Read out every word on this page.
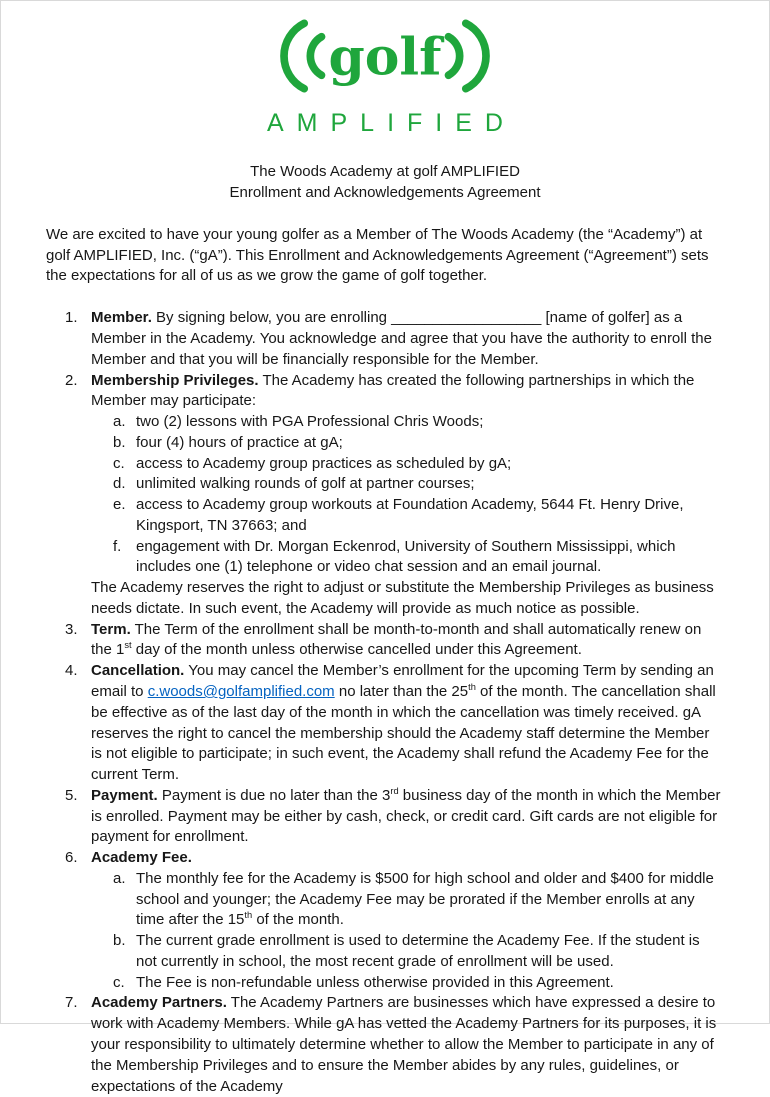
golf
AMPLIFIED
The Woods Academy at golf AMPLIFIED
Enrollment and Acknowledgements Agreement
We are excited to have your young golfer as a Member of The Woods Academy (the “Academy”) at golf AMPLIFIED, Inc. (“gA”). This Enrollment and Acknowledgements Agreement (“Agreement”) sets the expectations for all of us as we grow the game of golf together.
1. Member. By signing below, you are enrolling __________________ [name of golfer] as a Member in the Academy. You acknowledge and agree that you have the authority to enroll the Member and that you will be financially responsible for the Member.
2. Membership Privileges. The Academy has created the following partnerships in which the Member may participate:
a. two (2) lessons with PGA Professional Chris Woods;
b. four (4) hours of practice at gA;
c. access to Academy group practices as scheduled by gA;
d. unlimited walking rounds of golf at partner courses;
e. access to Academy group workouts at Foundation Academy, 5644 Ft. Henry Drive, Kingsport, TN 37663; and
f. engagement with Dr. Morgan Eckenrod, University of Southern Mississippi, which includes one (1) telephone or video chat session and an email journal.
The Academy reserves the right to adjust or substitute the Membership Privileges as business needs dictate. In such event, the Academy will provide as much notice as possible.
3. Term. The Term of the enrollment shall be month-to-month and shall automatically renew on the 1st day of the month unless otherwise cancelled under this Agreement.
4. Cancellation. You may cancel the Member’s enrollment for the upcoming Term by sending an email to c.woods@golfamplified.com no later than the 25th of the month. The cancellation shall be effective as of the last day of the month in which the cancellation was timely received. gA reserves the right to cancel the membership should the Academy staff determine the Member is not eligible to participate; in such event, the Academy shall refund the Academy Fee for the current Term.
5. Payment. Payment is due no later than the 3rd business day of the month in which the Member is enrolled. Payment may be either by cash, check, or credit card. Gift cards are not eligible for payment for enrollment.
6. Academy Fee.
a. The monthly fee for the Academy is $500 for high school and older and $400 for middle school and younger; the Academy Fee may be prorated if the Member enrolls at any time after the 15th of the month.
b. The current grade enrollment is used to determine the Academy Fee. If the student is not currently in school, the most recent grade of enrollment will be used.
c. The Fee is non-refundable unless otherwise provided in this Agreement.
7. Academy Partners. The Academy Partners are businesses which have expressed a desire to work with Academy Members. While gA has vetted the Academy Partners for its purposes, it is your responsibility to ultimately determine whether to allow the Member to participate in any of the Membership Privileges and to ensure the Member abides by any rules, guidelines, or expectations of the Academy
